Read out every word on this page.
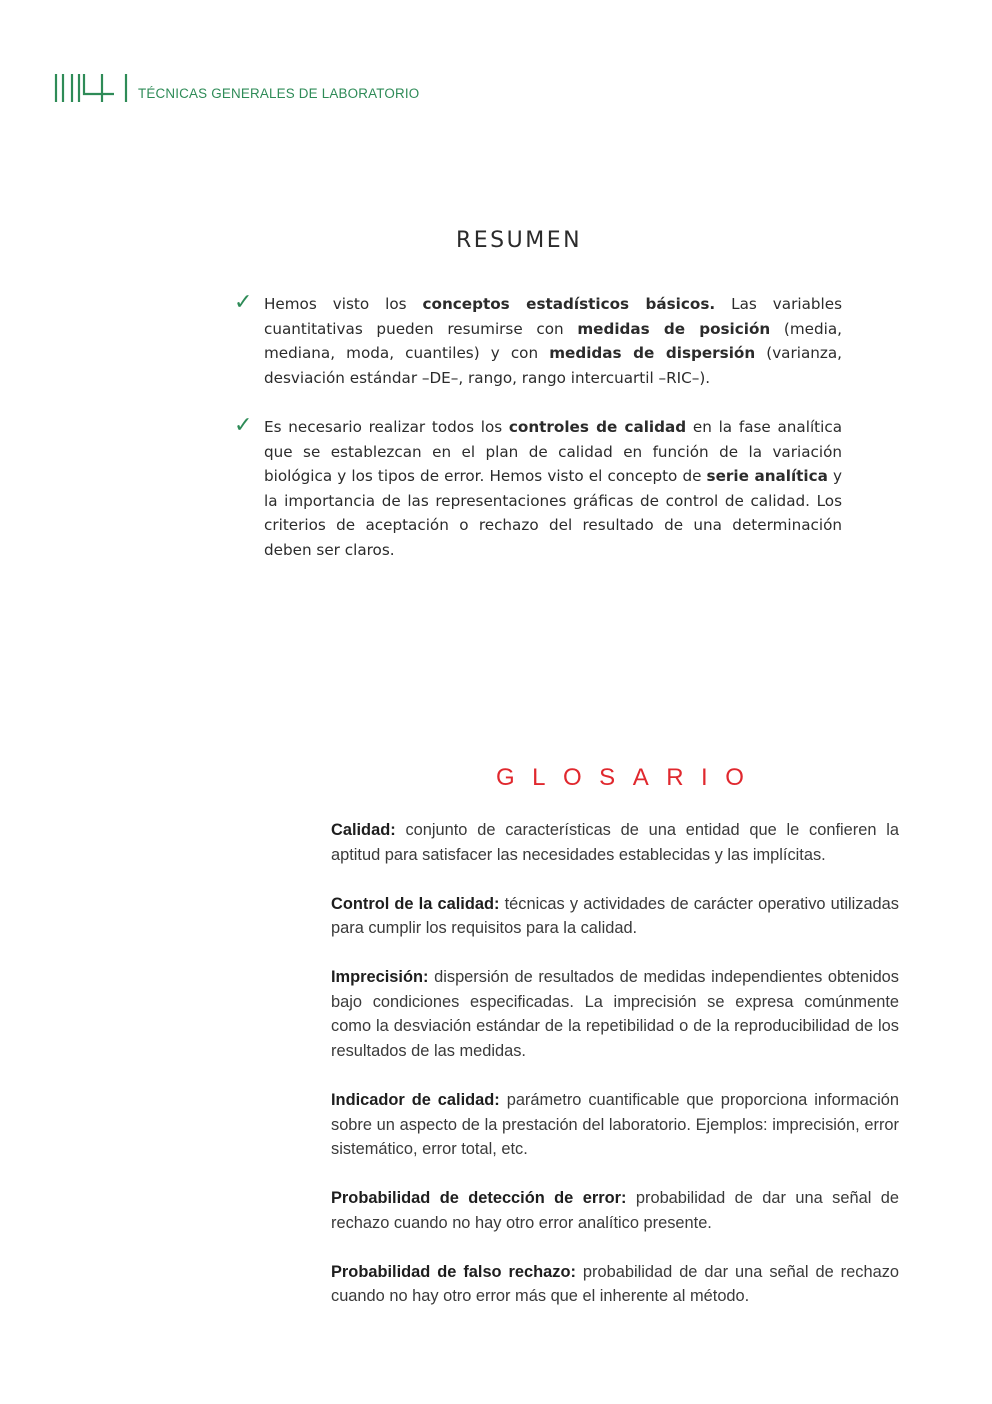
TÉCNICAS GENERALES DE LABORATORIO
RESUMEN
✓ Hemos visto los conceptos estadísticos básicos. Las variables cuantitativas pueden resumirse con medidas de posición (media, mediana, moda, cuantiles) y con medidas de dispersión (varianza, desviación estándar –DE–, rango, rango intercuartil –RIC–).
✓ Es necesario realizar todos los controles de calidad en la fase analítica que se establezcan en el plan de calidad en función de la variación biológica y los tipos de error. Hemos visto el concepto de serie analítica y la importancia de las representaciones gráficas de control de calidad. Los criterios de aceptación o rechazo del resultado de una determinación deben ser claros.
GLOSARIO

Calidad: conjunto de características de una entidad que le confieren la aptitud para satisfacer las necesidades establecidas y las implícitas.

Control de la calidad: técnicas y actividades de carácter operativo utilizadas para cumplir los requisitos para la calidad.

Imprecisión: dispersión de resultados de medidas independientes obtenidos bajo condiciones especificadas. La imprecisión se expresa comúnmente como la desviación estándar de la repetibilidad o de la reproducibilidad de los resultados de las medidas.

Indicador de calidad: parámetro cuantificable que proporciona información sobre un aspecto de la prestación del laboratorio. Ejemplos: imprecisión, error sistemático, error total, etc.

Probabilidad de detección de error: probabilidad de dar una señal de rechazo cuando no hay otro error analítico presente.

Probabilidad de falso rechazo: probabilidad de dar una señal de rechazo cuando no hay otro error más que el inherente al método.
